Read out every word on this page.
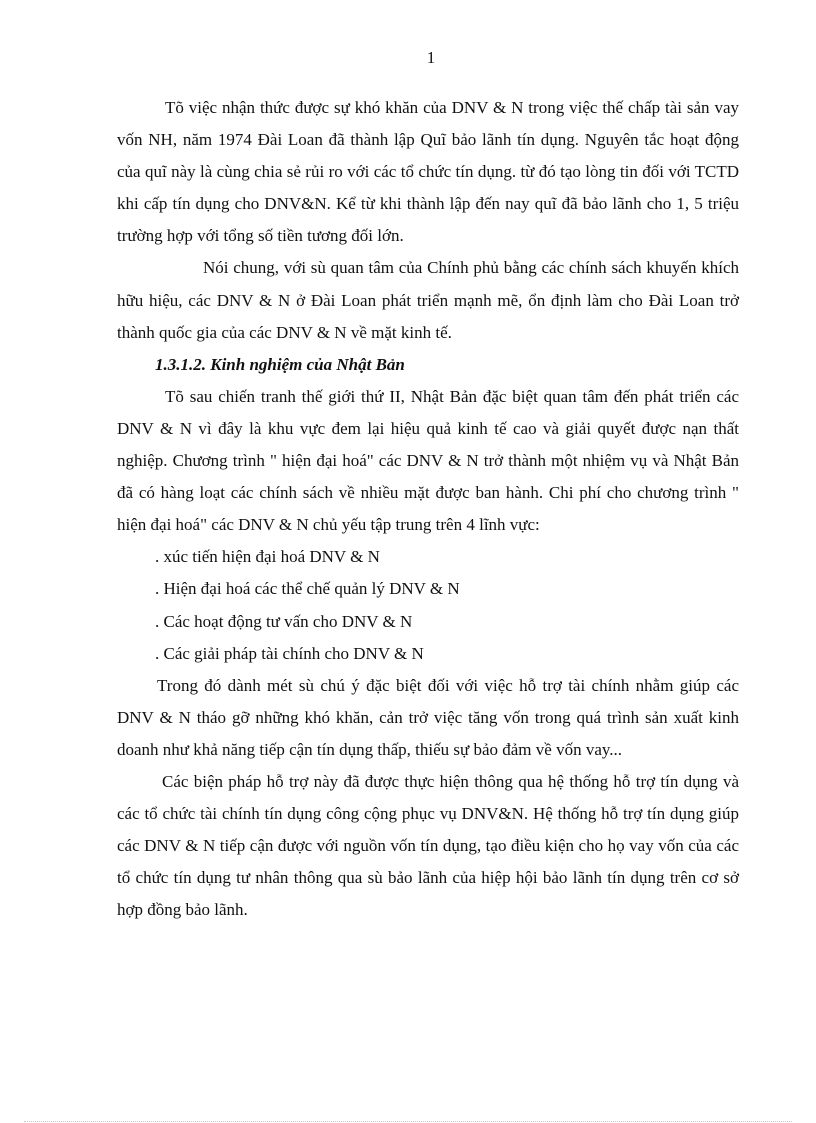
1

Tõ việc nhận thức được sự khó khăn của DNV & N trong việc thế chấp tài sản vay vốn NH, năm 1974 Đài Loan đã thành lập Quĩ bảo lãnh tín dụng. Nguyên tắc hoạt động của quĩ này là cùng chia sẻ rủi ro với các tổ chức tín dụng. từ đó tạo lòng tin đối với TCTD khi cấp tín dụng cho DNV&N. Kể từ khi thành lập đến nay quĩ đã bảo lãnh cho 1, 5 triệu trường hợp với tổng số tiền tương đối lớn.

Nói chung, với sù quan tâm của Chính phủ bằng các chính sách khuyến khích hữu hiệu, các DNV & N ở Đài Loan phát triển mạnh mẽ, ổn định làm cho Đài Loan trở thành quốc gia của các DNV & N về mặt kinh tế.

1.3.1.2. Kinh nghiệm của Nhật Bản

Tõ sau chiến tranh thế giới thứ II, Nhật Bản đặc biệt quan tâm đến phát triển các DNV & N vì đây là khu vực đem lại hiệu quả kinh tế cao và giải quyết được nạn thất nghiệp. Chương trình " hiện đại hoá" các DNV & N trở thành một nhiệm vụ và Nhật Bản đã có hàng loạt các chính sách về nhiều mặt được ban hành. Chi phí cho chương trình " hiện đại hoá" các DNV & N chủ yếu tập trung trên 4 lĩnh vực:

. xúc tiến hiện đại hoá DNV & N

. Hiện đại hoá các thể chế quản lý DNV & N

. Các hoạt động tư vấn cho DNV & N

. Các giải pháp tài chính cho DNV & N

Trong đó dành mét sù chú ý đặc biệt đối với việc hỗ trợ tài chính nhằm giúp các DNV & N tháo gỡ những khó khăn, cản trở việc tăng vốn trong quá trình sản xuất kinh doanh như khả năng tiếp cận tín dụng thấp, thiếu sự bảo đảm về vốn vay...

Các biện pháp hỗ trợ này đã được thực hiện thông qua hệ thống hỗ trợ tín dụng và các tổ chức tài chính tín dụng công cộng phục vụ DNV&N. Hệ thống hỗ trợ tín dụng giúp các DNV & N tiếp cận được với nguồn vốn tín dụng, tạo điều kiện cho họ vay vốn của các tổ chức tín dụng tư nhân thông qua sù bảo lãnh của hiệp hội bảo lãnh tín dụng trên cơ sở hợp đồng bảo lãnh.
